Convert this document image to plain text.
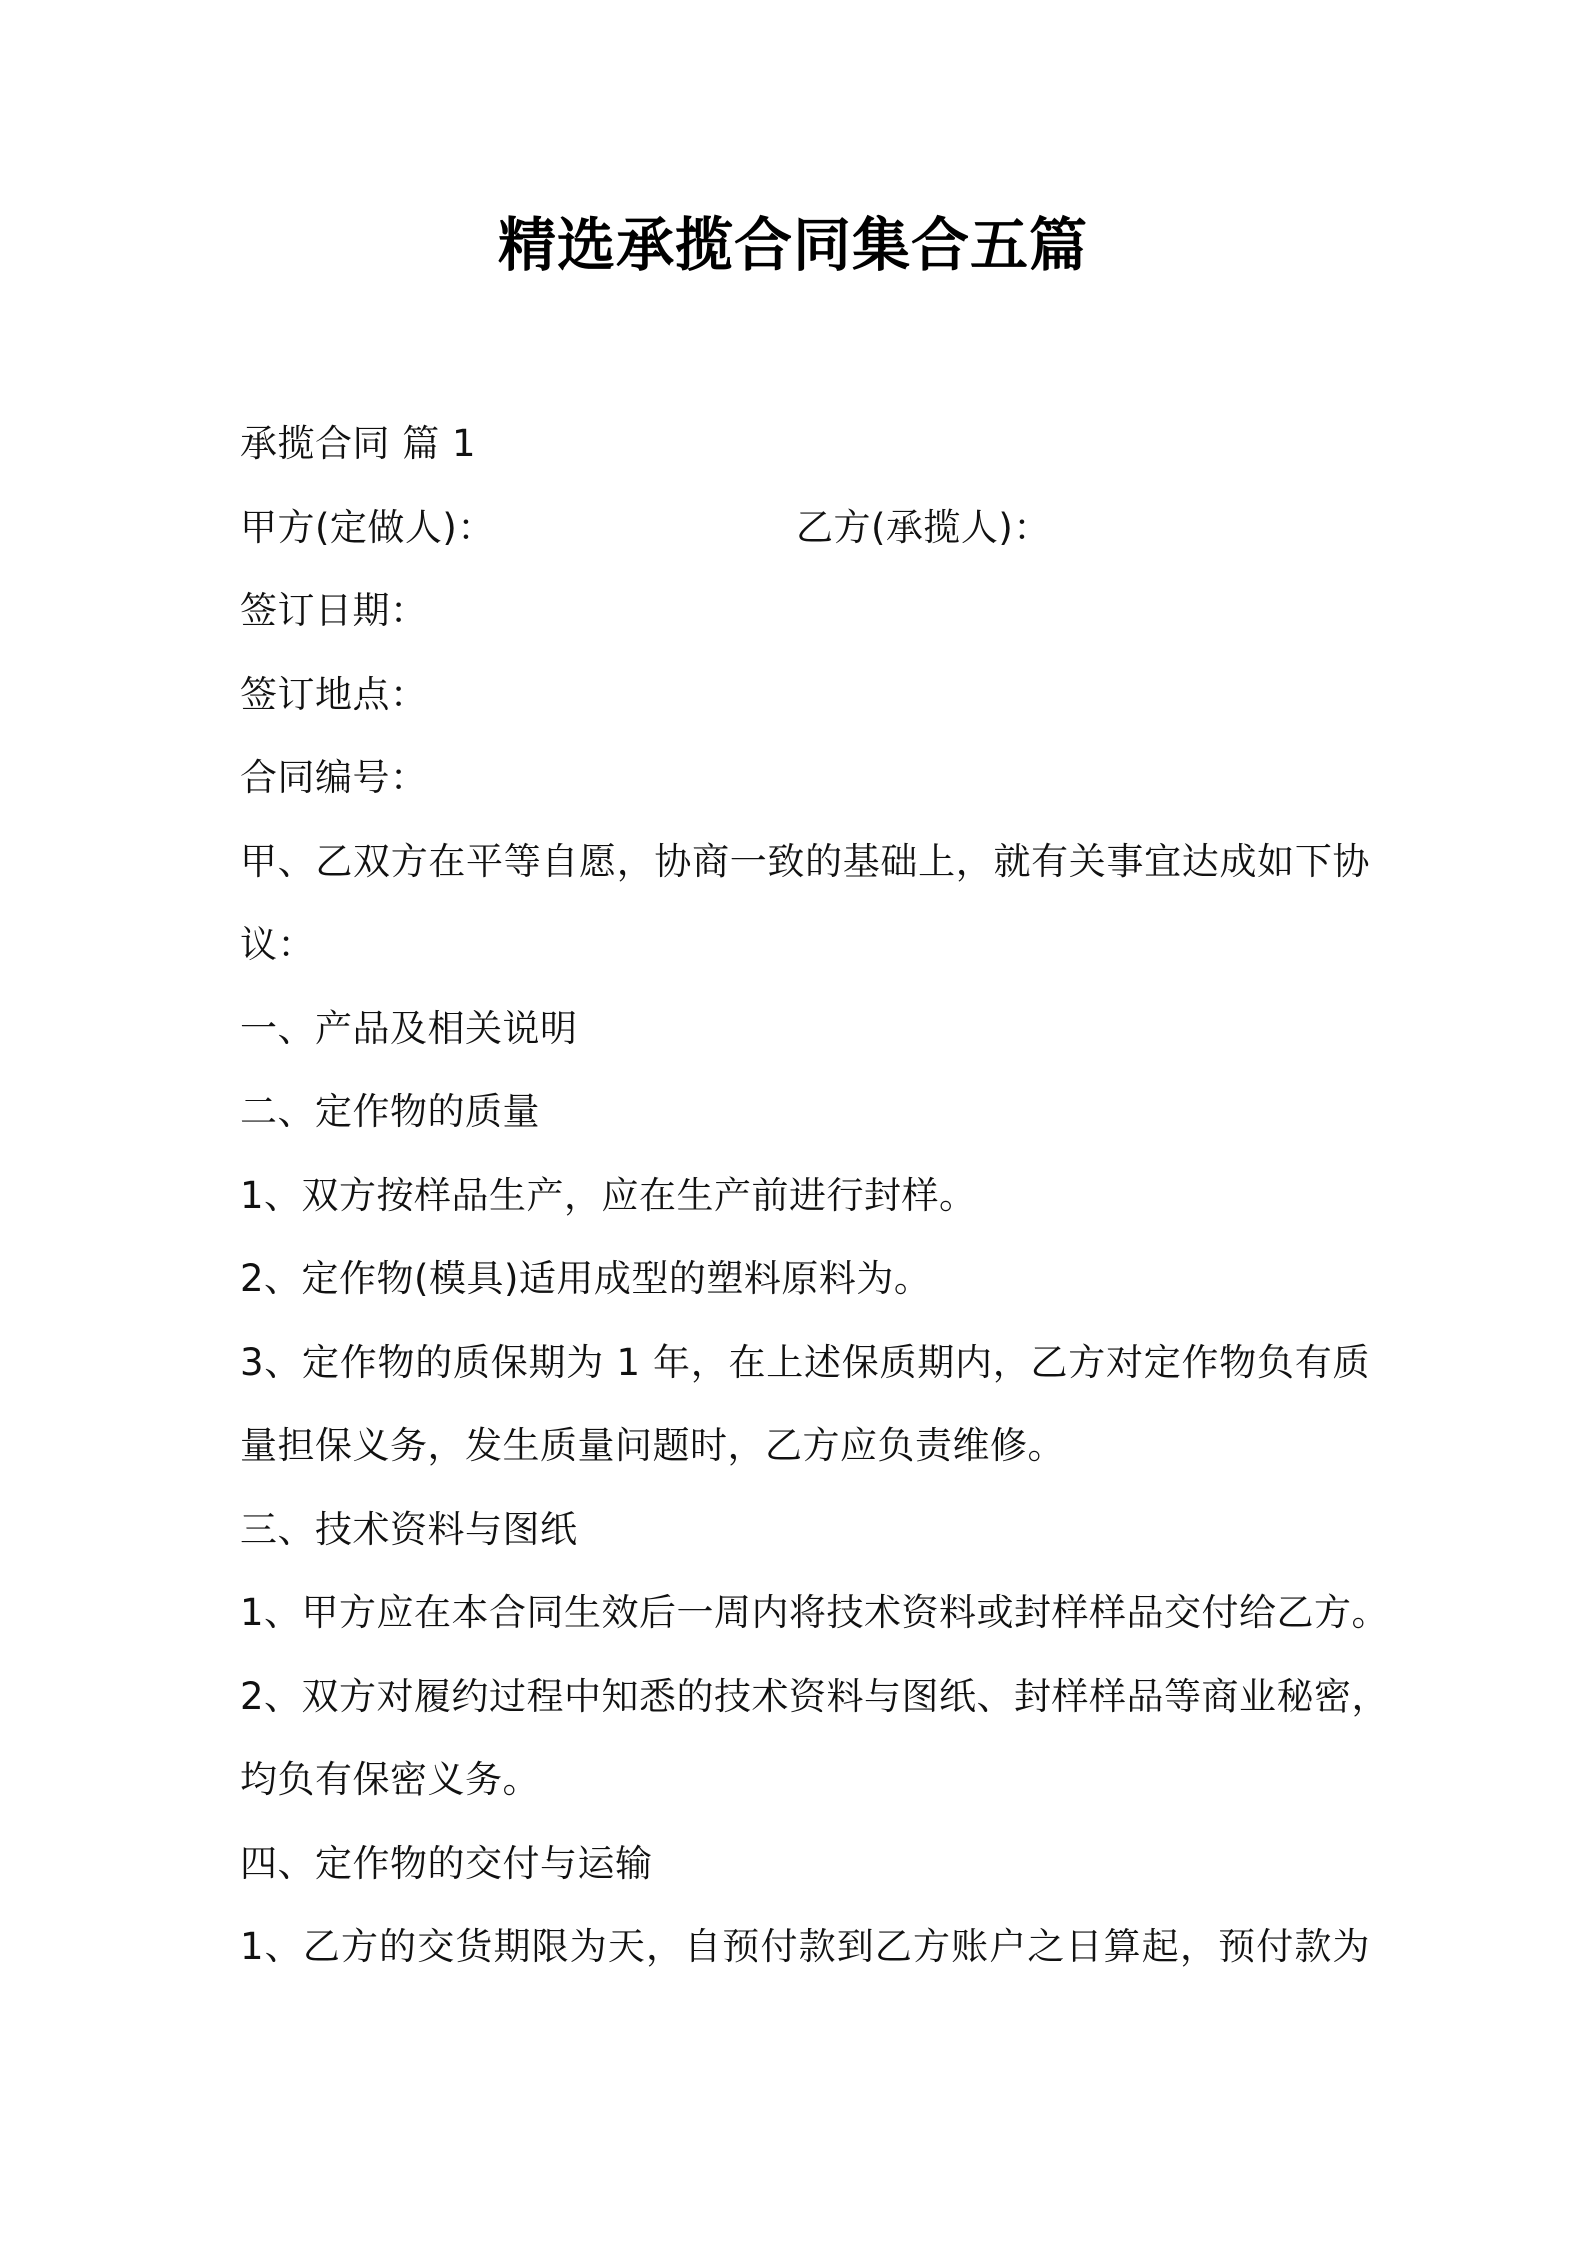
精选承揽合同集合五篇
承揽合同 篇 1
甲方(定做人)：	乙方(承揽人)：
签订日期：
签订地点：
合同编号：
甲、乙双方在平等自愿，协商一致的基础上，就有关事宜达成如下协
议：
一、产品及相关说明
二、定作物的质量
1、双方按样品生产，应在生产前进行封样。
2、定作物(模具)适用成型的塑料原料为。
3、定作物的质保期为 1 年，在上述保质期内，乙方对定作物负有质
量担保义务，发生质量问题时，乙方应负责维修。
三、技术资料与图纸
1、甲方应在本合同生效后一周内将技术资料或封样样品交付给乙方。
2、双方对履约过程中知悉的技术资料与图纸、封样样品等商业秘密，
均负有保密义务。
四、定作物的交付与运输
1、乙方的交货期限为天，自预付款到乙方账户之日算起，预付款为
